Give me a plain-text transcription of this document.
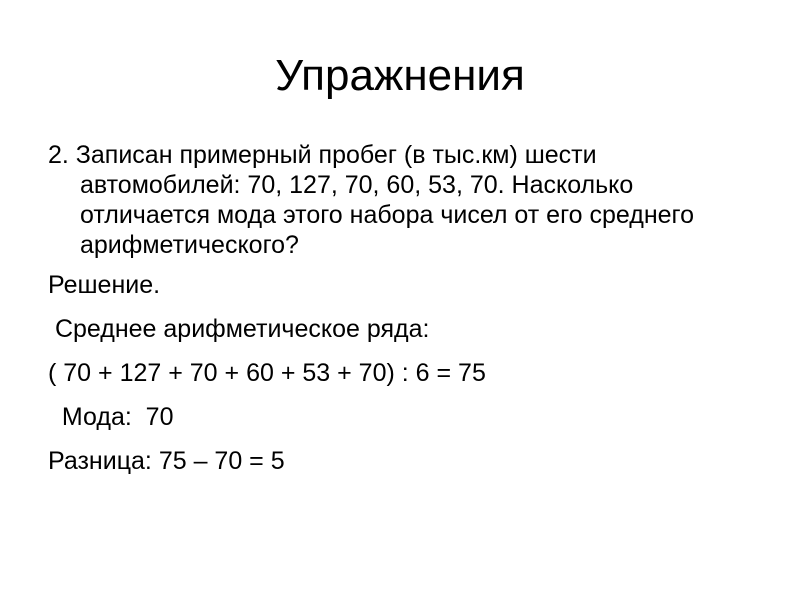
Упражнения

2. Записан примерный пробег (в тыс.км) шести автомобилей: 70, 127, 70, 60, 53, 70. Насколько отличается мода этого набора чисел от его среднего арифметического?

Решение.

Среднее арифметическое ряда:

( 70 + 127 + 70 + 60 + 53 + 70) : 6 = 75

Мода:  70

Разница: 75 – 70 = 5
